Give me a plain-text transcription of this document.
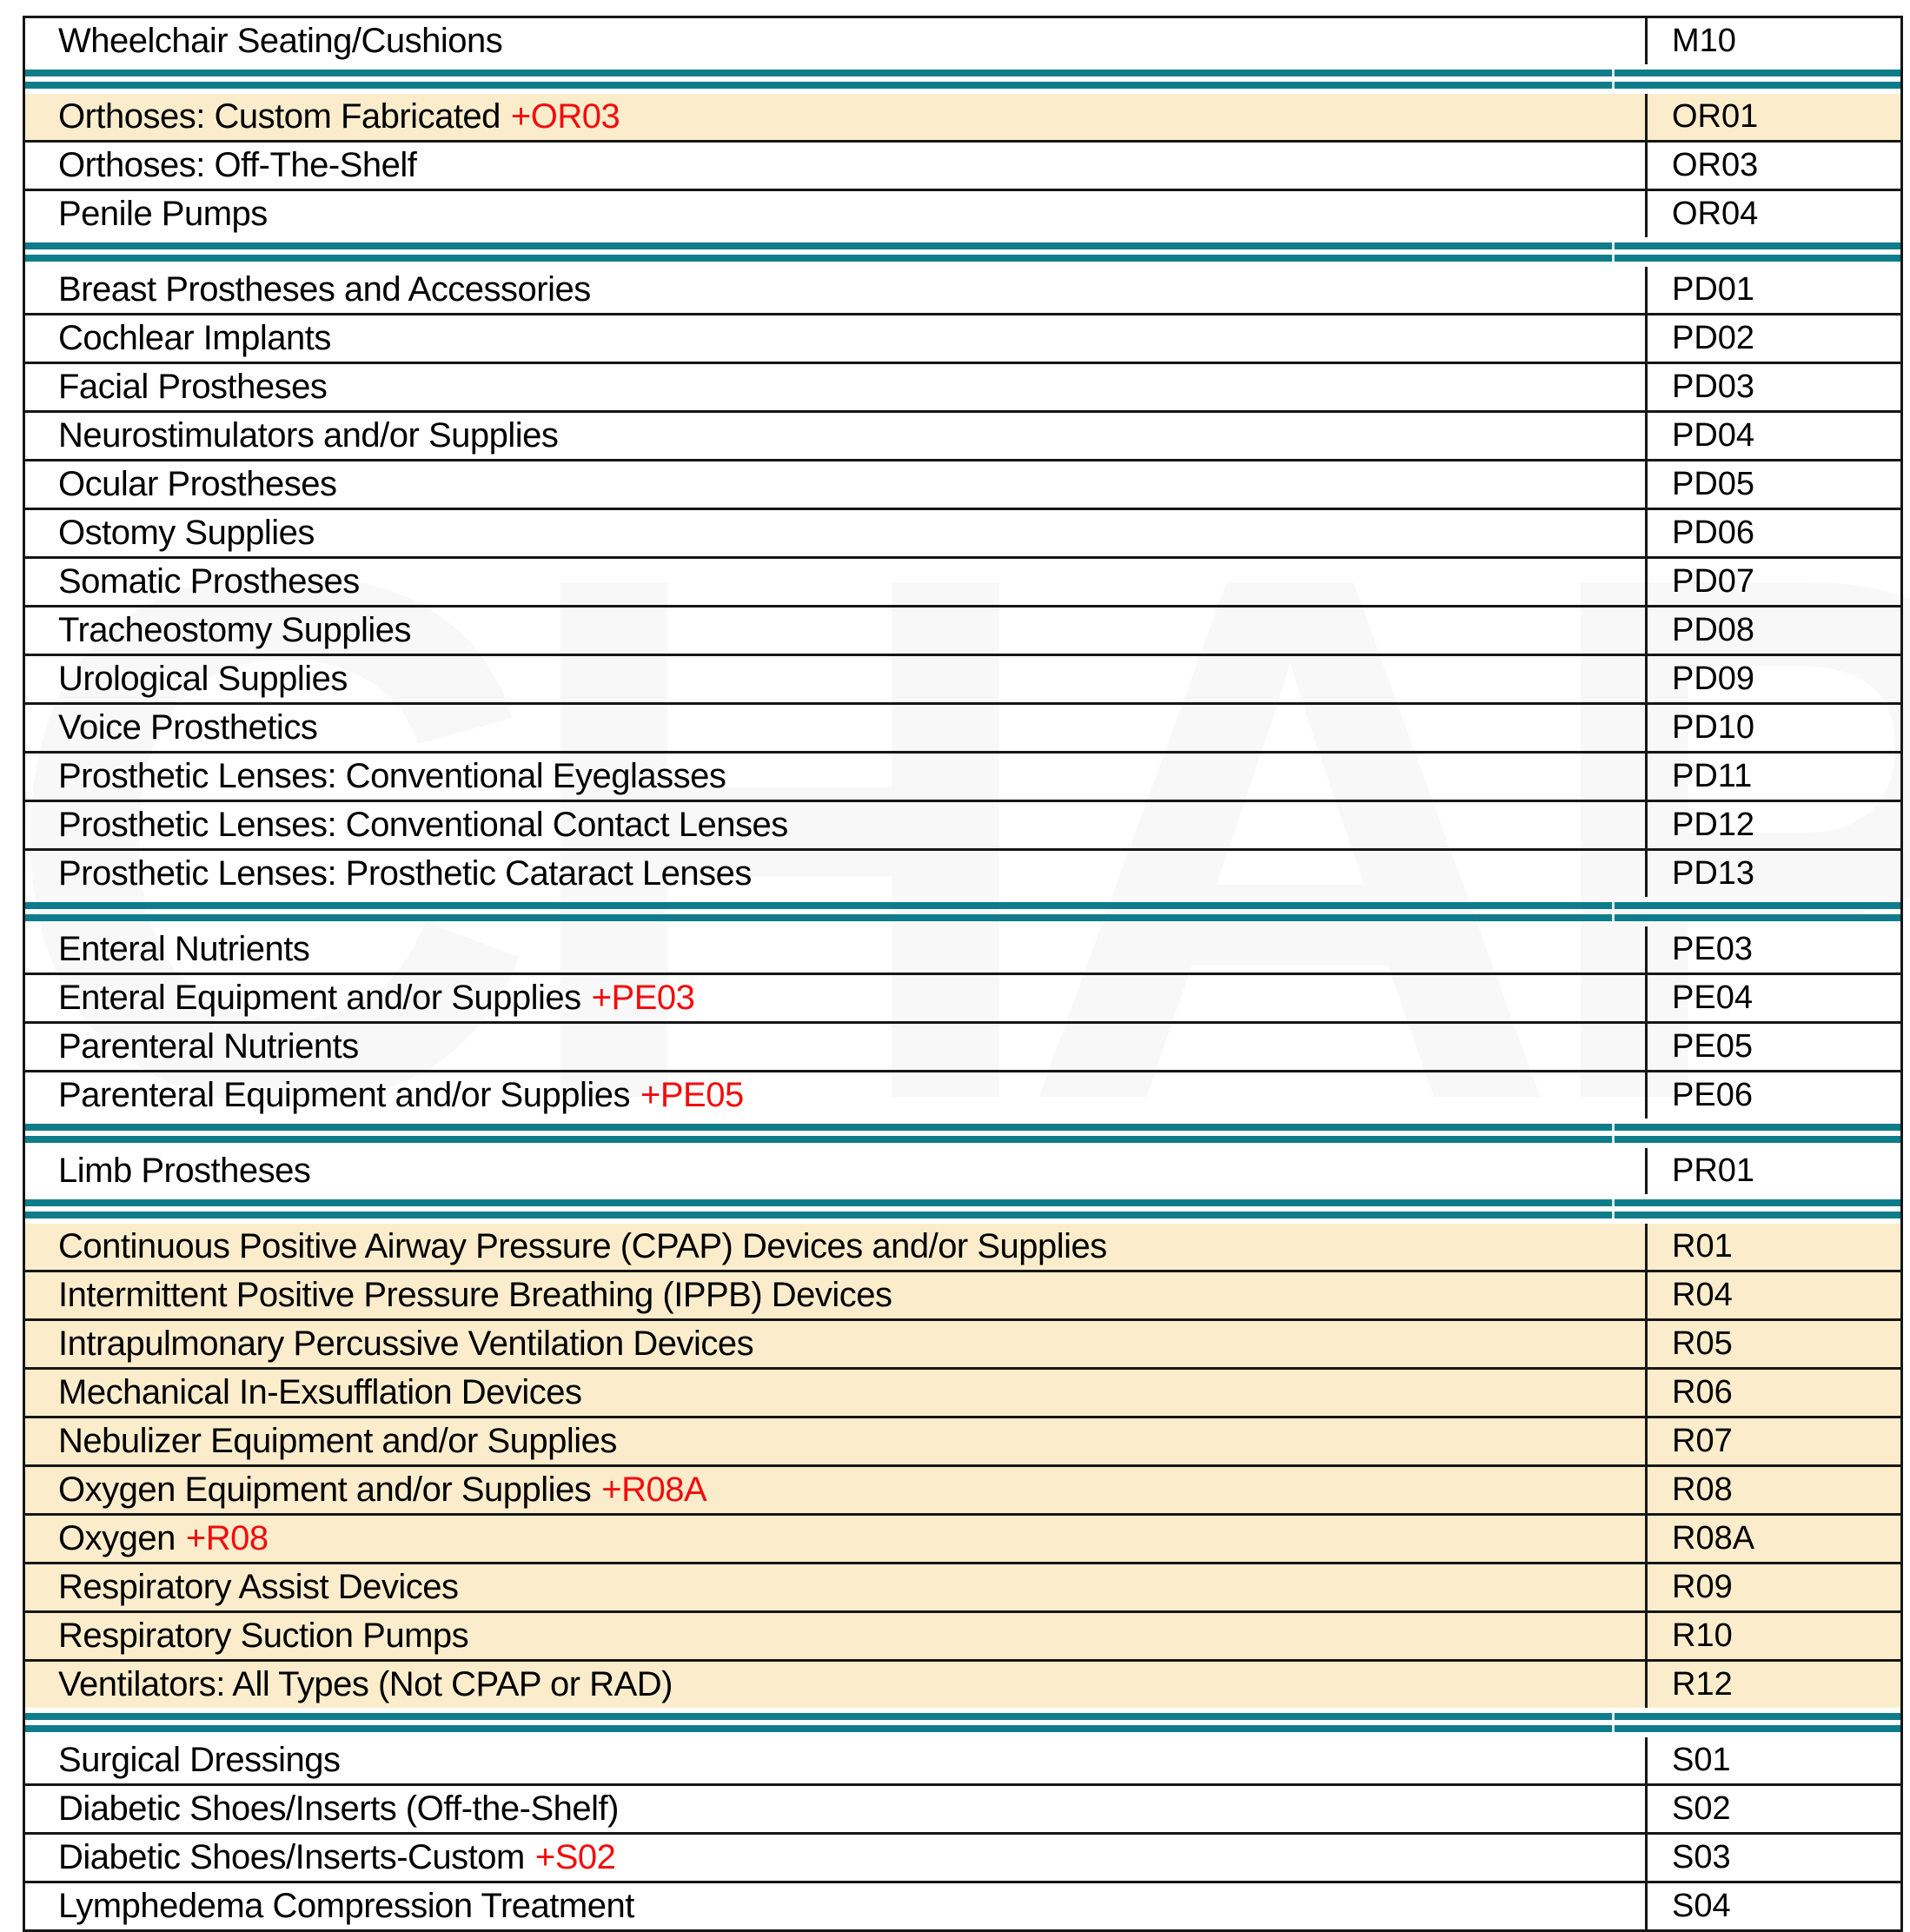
Wheelchair Seating/Cushions	M10
Orthoses: Custom Fabricated +OR03	OR01
Orthoses: Off-The-Shelf	OR03
Penile Pumps	OR04
Breast Prostheses and Accessories	PD01
Cochlear Implants	PD02
Facial Prostheses	PD03
Neurostimulators and/or Supplies	PD04
Ocular Prostheses	PD05
Ostomy Supplies	PD06
Somatic Prostheses	PD07
Tracheostomy Supplies	PD08
Urological Supplies	PD09
Voice Prosthetics	PD10
Prosthetic Lenses: Conventional Eyeglasses	PD11
Prosthetic Lenses: Conventional Contact Lenses	PD12
Prosthetic Lenses: Prosthetic Cataract Lenses	PD13
Enteral Nutrients	PE03
Enteral Equipment and/or Supplies +PE03	PE04
Parenteral Nutrients	PE05
Parenteral Equipment and/or Supplies +PE05	PE06
Limb Prostheses	PR01
Continuous Positive Airway Pressure (CPAP) Devices and/or Supplies	R01
Intermittent Positive Pressure Breathing (IPPB) Devices	R04
Intrapulmonary Percussive Ventilation Devices	R05
Mechanical In-Exsufflation Devices	R06
Nebulizer Equipment and/or Supplies	R07
Oxygen Equipment and/or Supplies +R08A	R08
Oxygen +R08	R08A
Respiratory Assist Devices	R09
Respiratory Suction Pumps	R10
Ventilators: All Types (Not CPAP or RAD)	R12
Surgical Dressings	S01
Diabetic Shoes/Inserts (Off-the-Shelf)	S02
Diabetic Shoes/Inserts-Custom +S02	S03
Lymphedema Compression Treatment	S04
